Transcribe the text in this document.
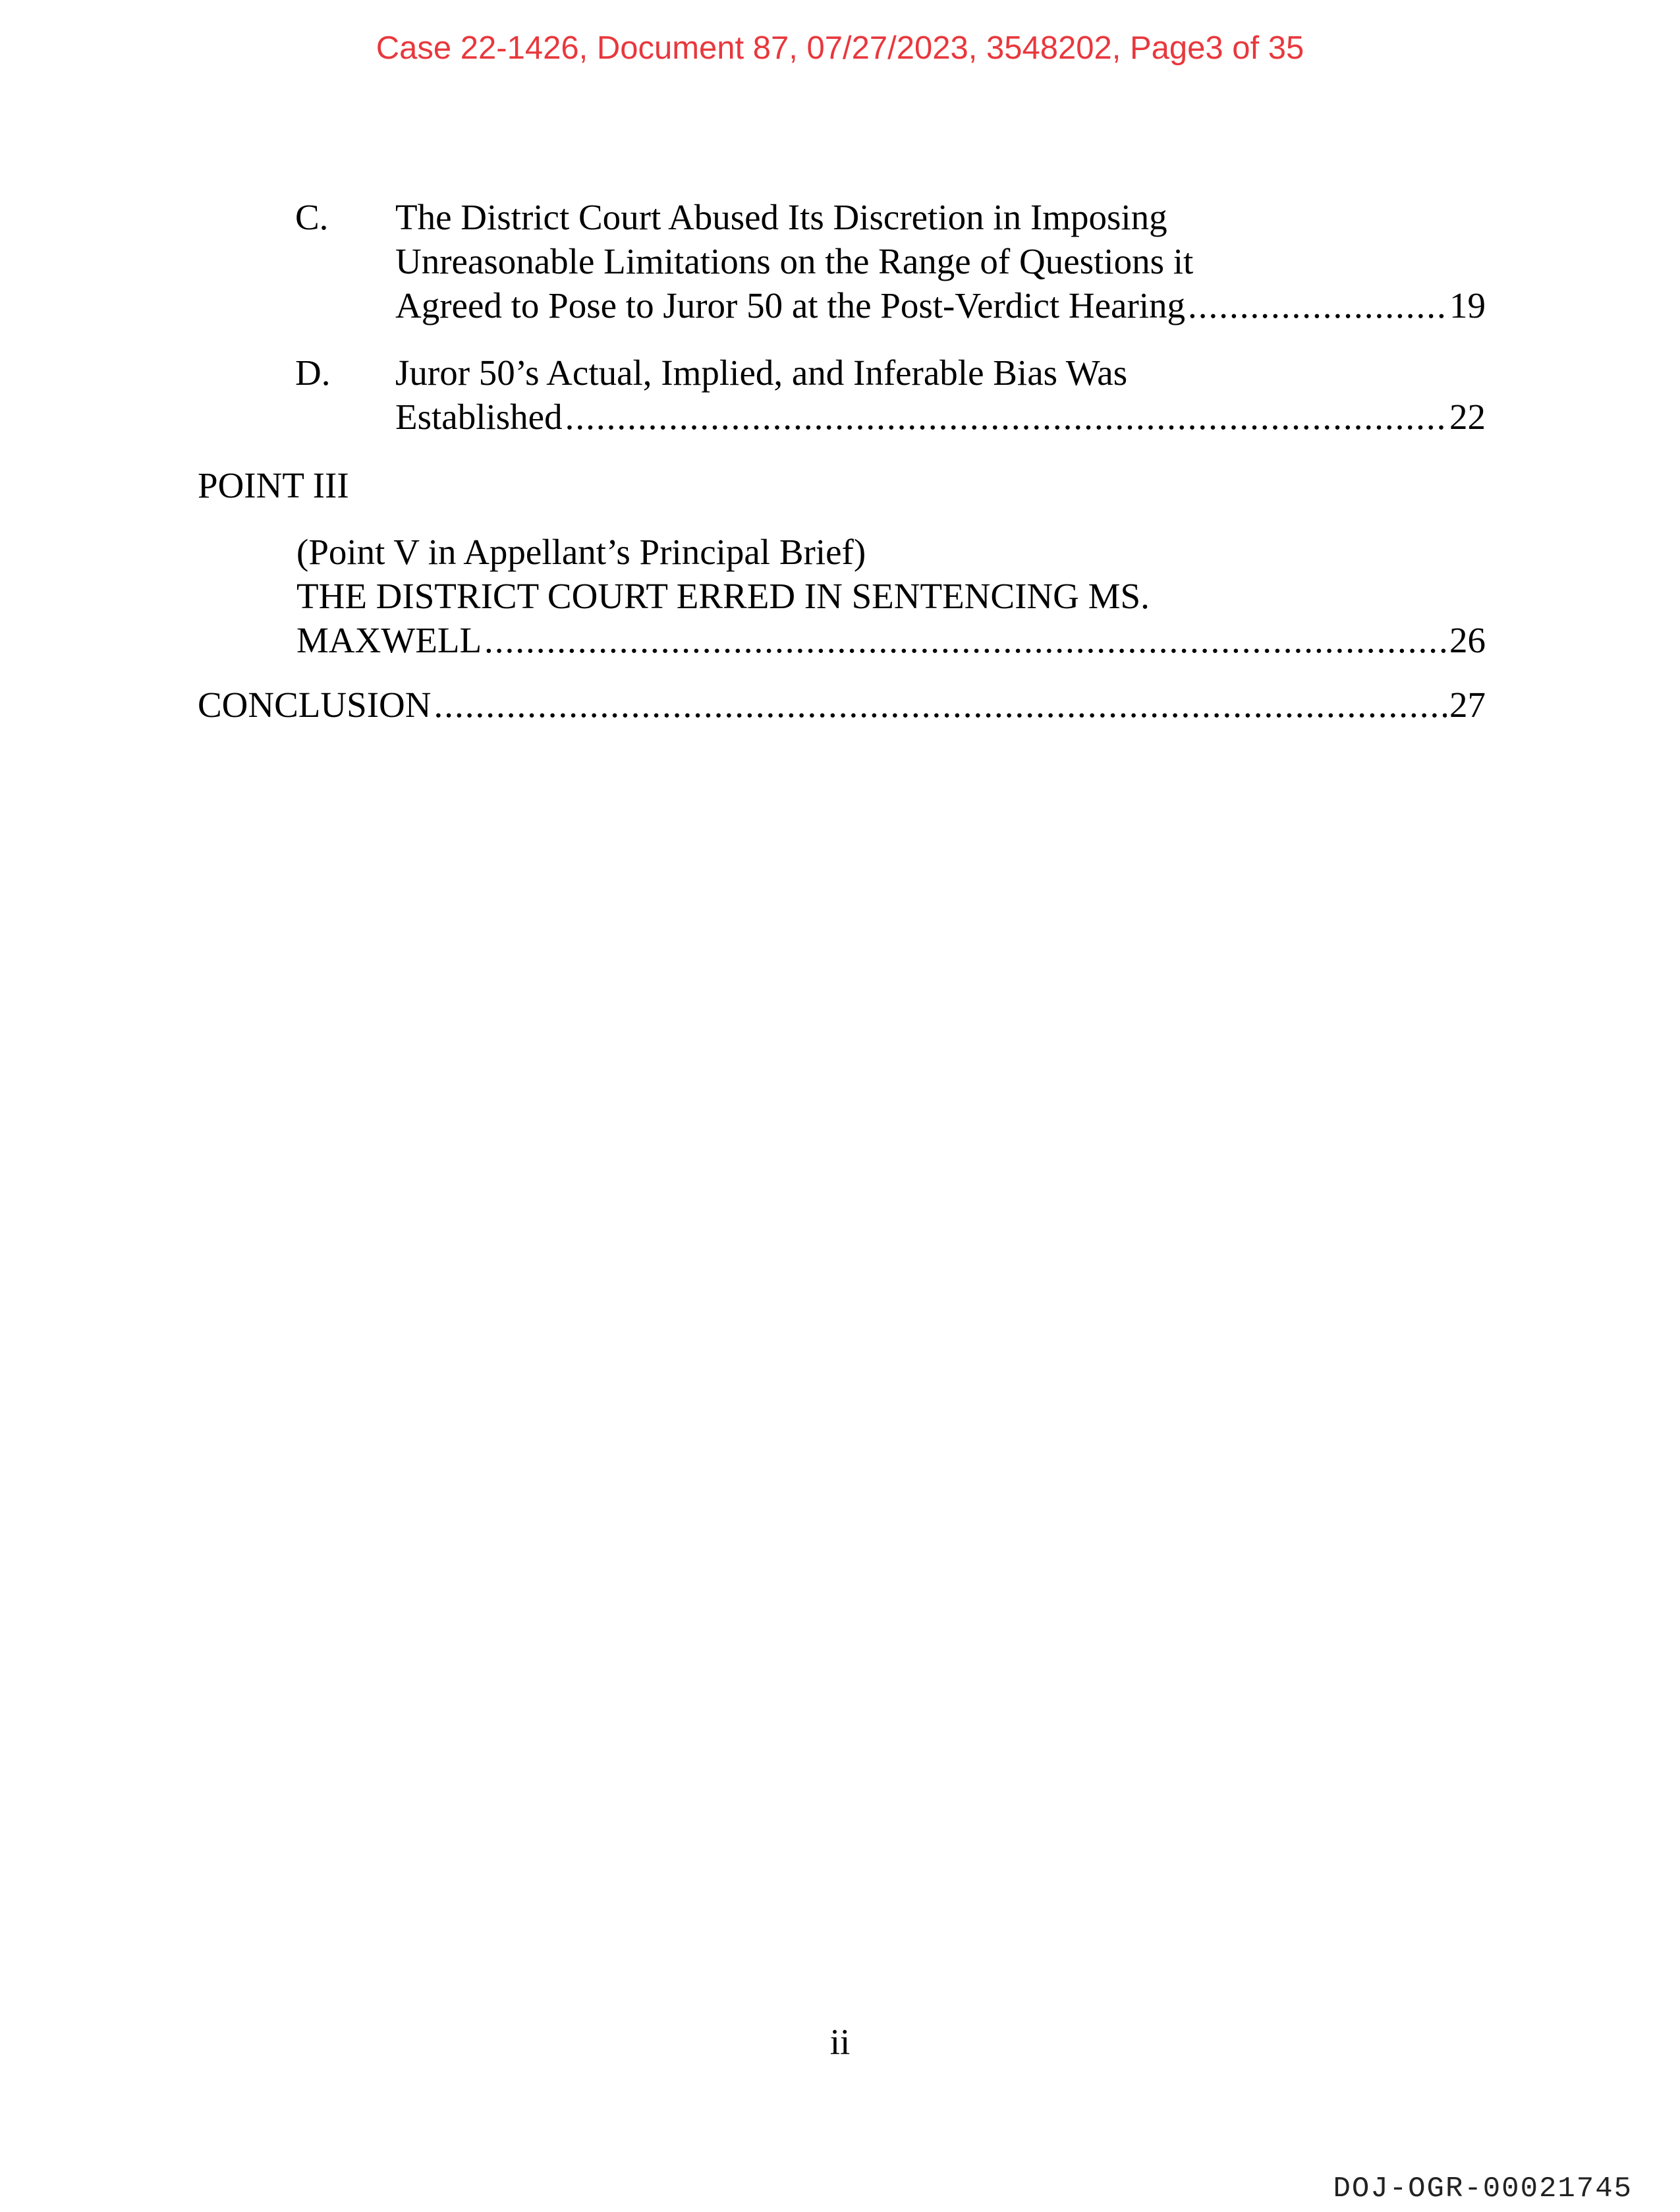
Case 22-1426, Document 87, 07/27/2023, 3548202, Page3 of 35
C. The District Court Abused Its Discretion in Imposing
Unreasonable Limitations on the Range of Questions it
Agreed to Pose to Juror 50 at the Post-Verdict Hearing .....	19
D. Juror 50’s Actual, Implied, and Inferable Bias Was
Established .....	22
POINT III
(Point V in Appellant’s Principal Brief)
THE DISTRICT COURT ERRED IN SENTENCING MS.
MAXWELL .....	26
CONCLUSION .....	27
ii
DOJ-OGR-00021745
